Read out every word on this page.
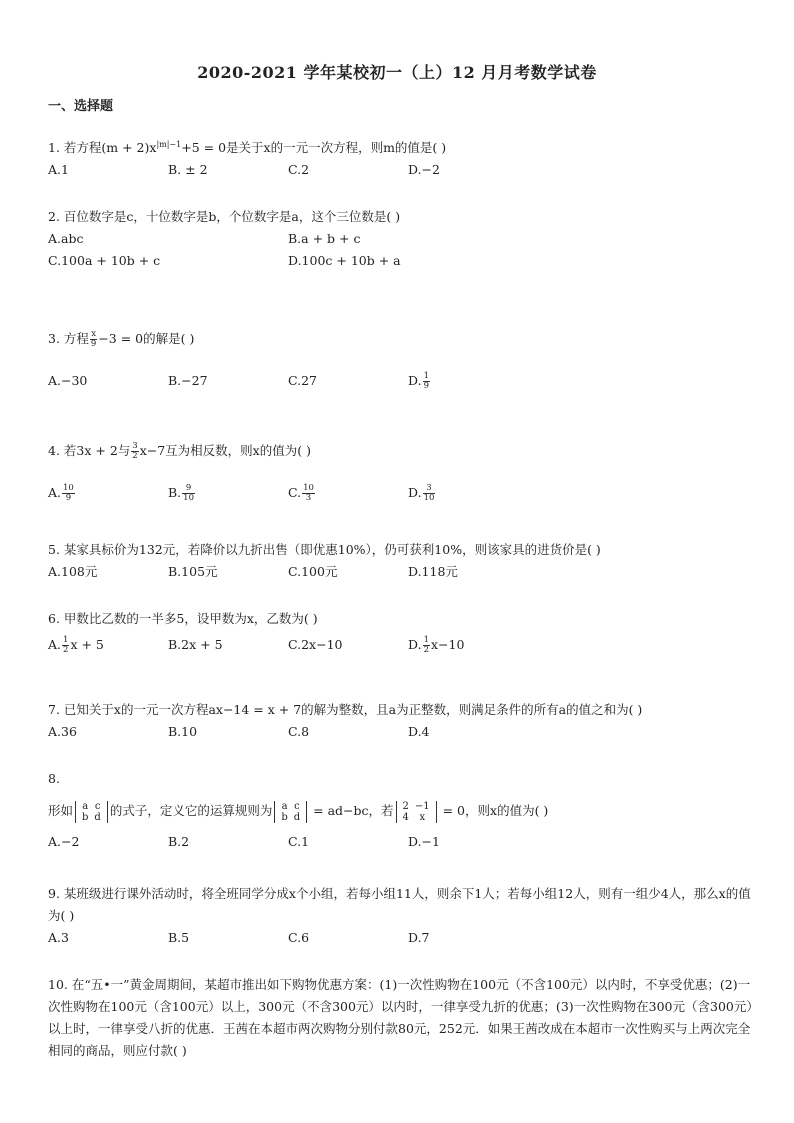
2020-2021 学年某校初一（上）12 月月考数学试卷
一、选择题
1. 若方程$(m + 2)x^{|m|-1}+5 = 0$是关于x的一元一次方程，则m的值是( )
A.1	B. ± 2	C.2	D.−2
2. 百位数字是c，十位数字是b，个位数字是a，这个三位数是( )
A.abc	B.a + b + c
C.100a + 10b + c	D.100c + 10b + a
3. 方程 $\frac{x}{9} -3 = 0$的解是( )
A.−30	B.−27	C.27	D. $\frac{1}{9}$
4. 若3x + 2与 $\frac{3}{2} x-7$互为相反数，则x的值为( )
A. $\frac{10}{9}$	B. $\frac{9}{10}$	C. $\frac{10}{3}$	D. $\frac{3}{10}$
5. 某家具标价为132元，若降价以九折出售（即优惠10%），仍可获利10%，则该家具的进货价是( )
A.108元	B.105元	C.100元	D.118元
6. 甲数比乙数的一半多5，设甲数为x，乙数为( )
A. $\frac{1}{2}$ x + 5	B.2x + 5	C.2x−10	D. $\frac{1}{2} x-10$
7. 已知关于x的一元一次方程ax−14 = x + 7的解为整数，且a为正整数，则满足条件的所有a的值之和为( )
A.36	B.10	C.8	D.4
8.
形如 a	c
b	d 的式子，定义它的运算规则为 a	c
b	d = ad−bc，若 2	−1
4	x = 0，则x的值为( )
A.−2	B.2	C.1	D.−1
9. 某班级进行课外活动时，将全班同学分成x个小组，若每小组11人，则余下1人；若每小组12人，则有一组少4人，那么x的值为( )
A.3	B.5	C.6	D.7
10. 在“五•一”黄金周期间，某超市推出如下购物优惠方案：(1)一次性购物在100元（不含100元）以内时，不享受优惠；(2)一次性购物在100元（含100元）以上，300元（不含300元）以内时，一律享受九折的优惠；(3)一次性购物在300元（含300元）以上时，一律享受八折的优惠．王茜在本超市两次购物分别付款80元，252元．如果王茜改成在本超市一次性购买与上两次完全相同的商品，则应付款( )
